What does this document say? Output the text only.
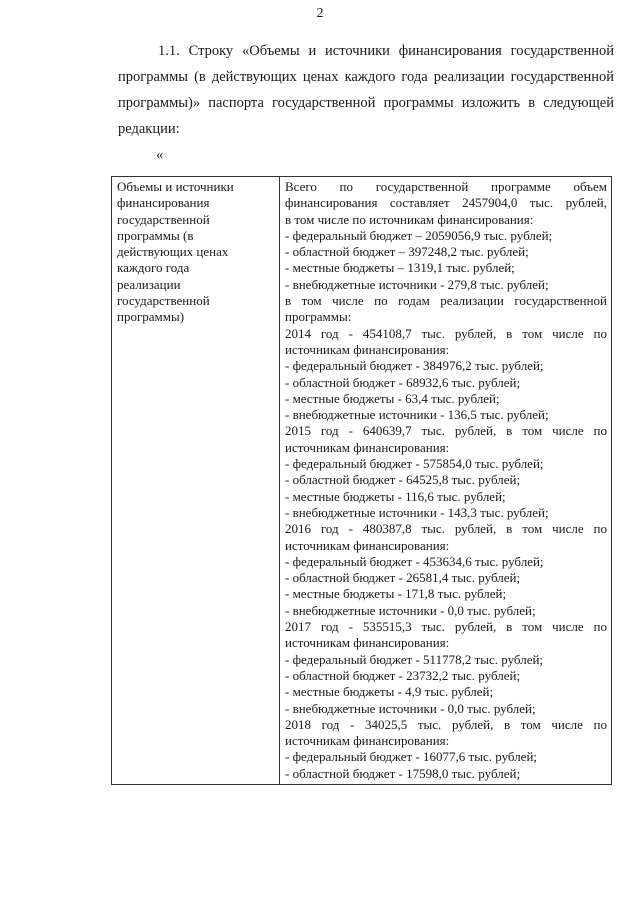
2
1.1. Строку «Объемы и источники финансирования государственной программы (в действующих ценах каждого года реализации государственной программы)» паспорта государственной программы изложить в следующей редакции:
«
Объемы и источники
финансирования
государственной
программы (в
действующих ценах
каждого года
реализации
государственной
программы)

Всего по государственной программе объем
финансирования составляет 2457904,0 тыс. рублей,
в том числе по источникам финансирования:
- федеральный бюджет – 2059056,9 тыс. рублей;
- областной бюджет – 397248,2 тыс. рублей;
- местные бюджеты – 1319,1 тыс. рублей;
- внебюджетные источники - 279,8 тыс. рублей;
в том числе по годам реализации государственной
программы:
2014 год - 454108,7 тыс. рублей, в том числе по
источникам финансирования:
- федеральный бюджет - 384976,2 тыс. рублей;
- областной бюджет - 68932,6 тыс. рублей;
- местные бюджеты - 63,4 тыс. рублей;
- внебюджетные источники - 136,5 тыс. рублей;
2015 год - 640639,7 тыс. рублей, в том числе по
источникам финансирования:
- федеральный бюджет - 575854,0 тыс. рублей;
- областной бюджет - 64525,8 тыс. рублей;
- местные бюджеты - 116,6 тыс. рублей;
- внебюджетные источники - 143,3 тыс. рублей;
2016 год - 480387,8 тыс. рублей, в том числе по
источникам финансирования:
- федеральный бюджет - 453634,6 тыс. рублей;
- областной бюджет - 26581,4 тыс. рублей;
- местные бюджеты - 171,8 тыс. рублей;
- внебюджетные источники - 0,0 тыс. рублей;
2017 год - 535515,3 тыс. рублей, в том числе по
источникам финансирования:
- федеральный бюджет - 511778,2 тыс. рублей;
- областной бюджет - 23732,2 тыс. рублей;
- местные бюджеты - 4,9 тыс. рублей;
- внебюджетные источники - 0,0 тыс. рублей;
2018 год - 34025,5 тыс. рублей, в том числе по
источникам финансирования:
- федеральный бюджет - 16077,6 тыс. рублей;
- областной бюджет - 17598,0 тыс. рублей;
